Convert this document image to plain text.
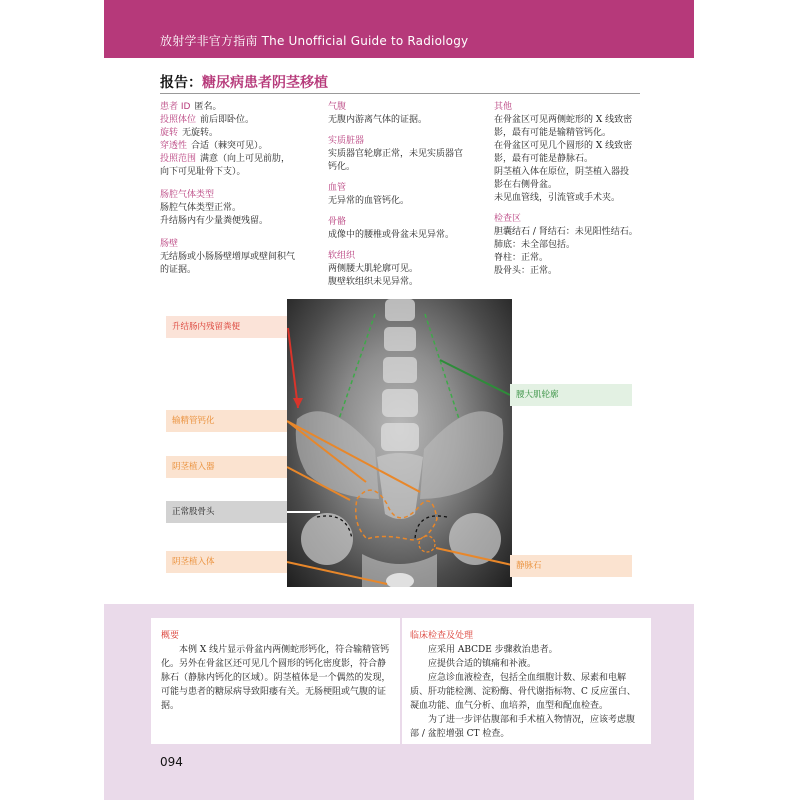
放射学非官方指南 The Unofficial Guide to Radiology
报告：糖尿病患者阴茎移植
患者 ID 匿名。
投照体位 前后即卧位。
旋转 无旋转。
穿透性 合适（棘突可见）。
投照范围 满意（向上可见前肋，
向下可见耻骨下支）。
肠腔气体类型
肠腔气体类型正常。
升结肠内有少量粪便残留。
肠壁
无结肠或小肠肠壁增厚或壁间积气
的证据。
气腹
无腹内游离气体的证据。
实质脏器
实质器官轮廓正常，未见实质器官
钙化。
血管
无异常的血管钙化。
骨骼
成像中的腰椎或骨盆未见异常。
软组织
两侧腰大肌轮廓可见。
腹壁软组织未见异常。
其他
在骨盆区可见两侧蛇形的 X 线致密
影，最有可能是输精管钙化。
在骨盆区可见几个圆形的 X 线致密
影，最有可能是静脉石。
阴茎植入体在原位，阴茎植入器投
影在右侧骨盆。
未见血管线，引流管或手术夹。
检查区
胆囊结石 / 肾结石：未见阳性结石。
肺底：未全部包括。
脊柱：正常。
股骨头：正常。
升结肠内残留粪便
输精管钙化
阴茎植入器
正常股骨头
阴茎植入体
腰大肌轮廓
静脉石
概要
本例 X 线片显示骨盆内两侧蛇形钙化，符合输精管钙化。另外在骨盆区还可见几个圆形的钙化密度影，符合静脉石（静脉内钙化的区域）。阴茎植体是一个偶然的发现，可能与患者的糖尿病导致阳痿有关。无肠梗阻或气腹的证据。
临床检查及处理
应采用 ABCDE 步骤救治患者。
应提供合适的镇痛和补液。
应急诊血液检查，包括全血细胞计数、尿素和电解质、肝功能检测、淀粉酶、骨代谢指标物、C 反应蛋白、凝血功能、血气分析、血培养，血型和配血检查。
为了进一步评估腹部和手术植入物情况，应该考虑腹部 / 盆腔增强 CT 检查。
094
